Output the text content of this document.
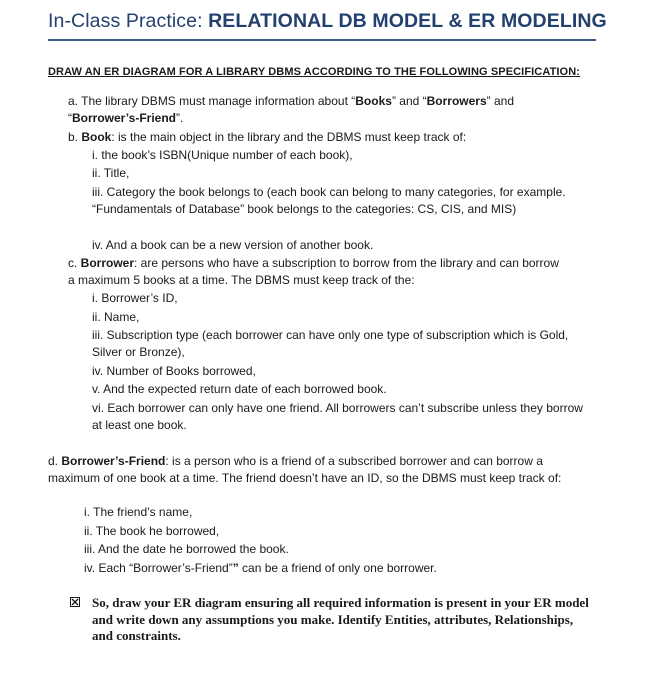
In-Class Practice: RELATIONAL DB MODEL & ER MODELING
DRAW AN ER DIAGRAM FOR A LIBRARY DBMS ACCORDING TO THE FOLLOWING SPECIFICATION:

a. The library DBMS must manage information about “Books” and “Borrowers” and “Borrower’s-Friend”.

b. Book: is the main object in the library and the DBMS must keep track of:

i. the book’s ISBN(Unique number of each book),

ii. Title,

iii. Category the book belongs to (each book can belong to many categories, for example. “Fundamentals of Database” book belongs to the categories: CS, CIS, and MIS)

iv. And a book can be a new version of another book.

c. Borrower: are persons who have a subscription to borrow from the library and can borrow a maximum 5 books at a time. The DBMS must keep track of the:

i. Borrower’s ID,

ii. Name,

iii. Subscription type (each borrower can have only one type of subscription which is Gold, Silver or Bronze),

iv. Number of Books borrowed,

v. And the expected return date of each borrowed book.

vi. Each borrower can only have one friend. All borrowers can’t subscribe unless they borrow at least one book.

d. Borrower’s-Friend: is a person who is a friend of a subscribed borrower and can borrow a maximum of one book at a time. The friend doesn’t have an ID, so the DBMS must keep track of:

i. The friend’s name,

ii. The book he borrowed,

iii. And the date he borrowed the book.

iv. Each “Borrower’s-Friend”” can be a friend of only one borrower.

So, draw your ER diagram ensuring all required information is present in your ER model and write down any assumptions you make. Identify Entities, attributes, Relationships, and constraints.
